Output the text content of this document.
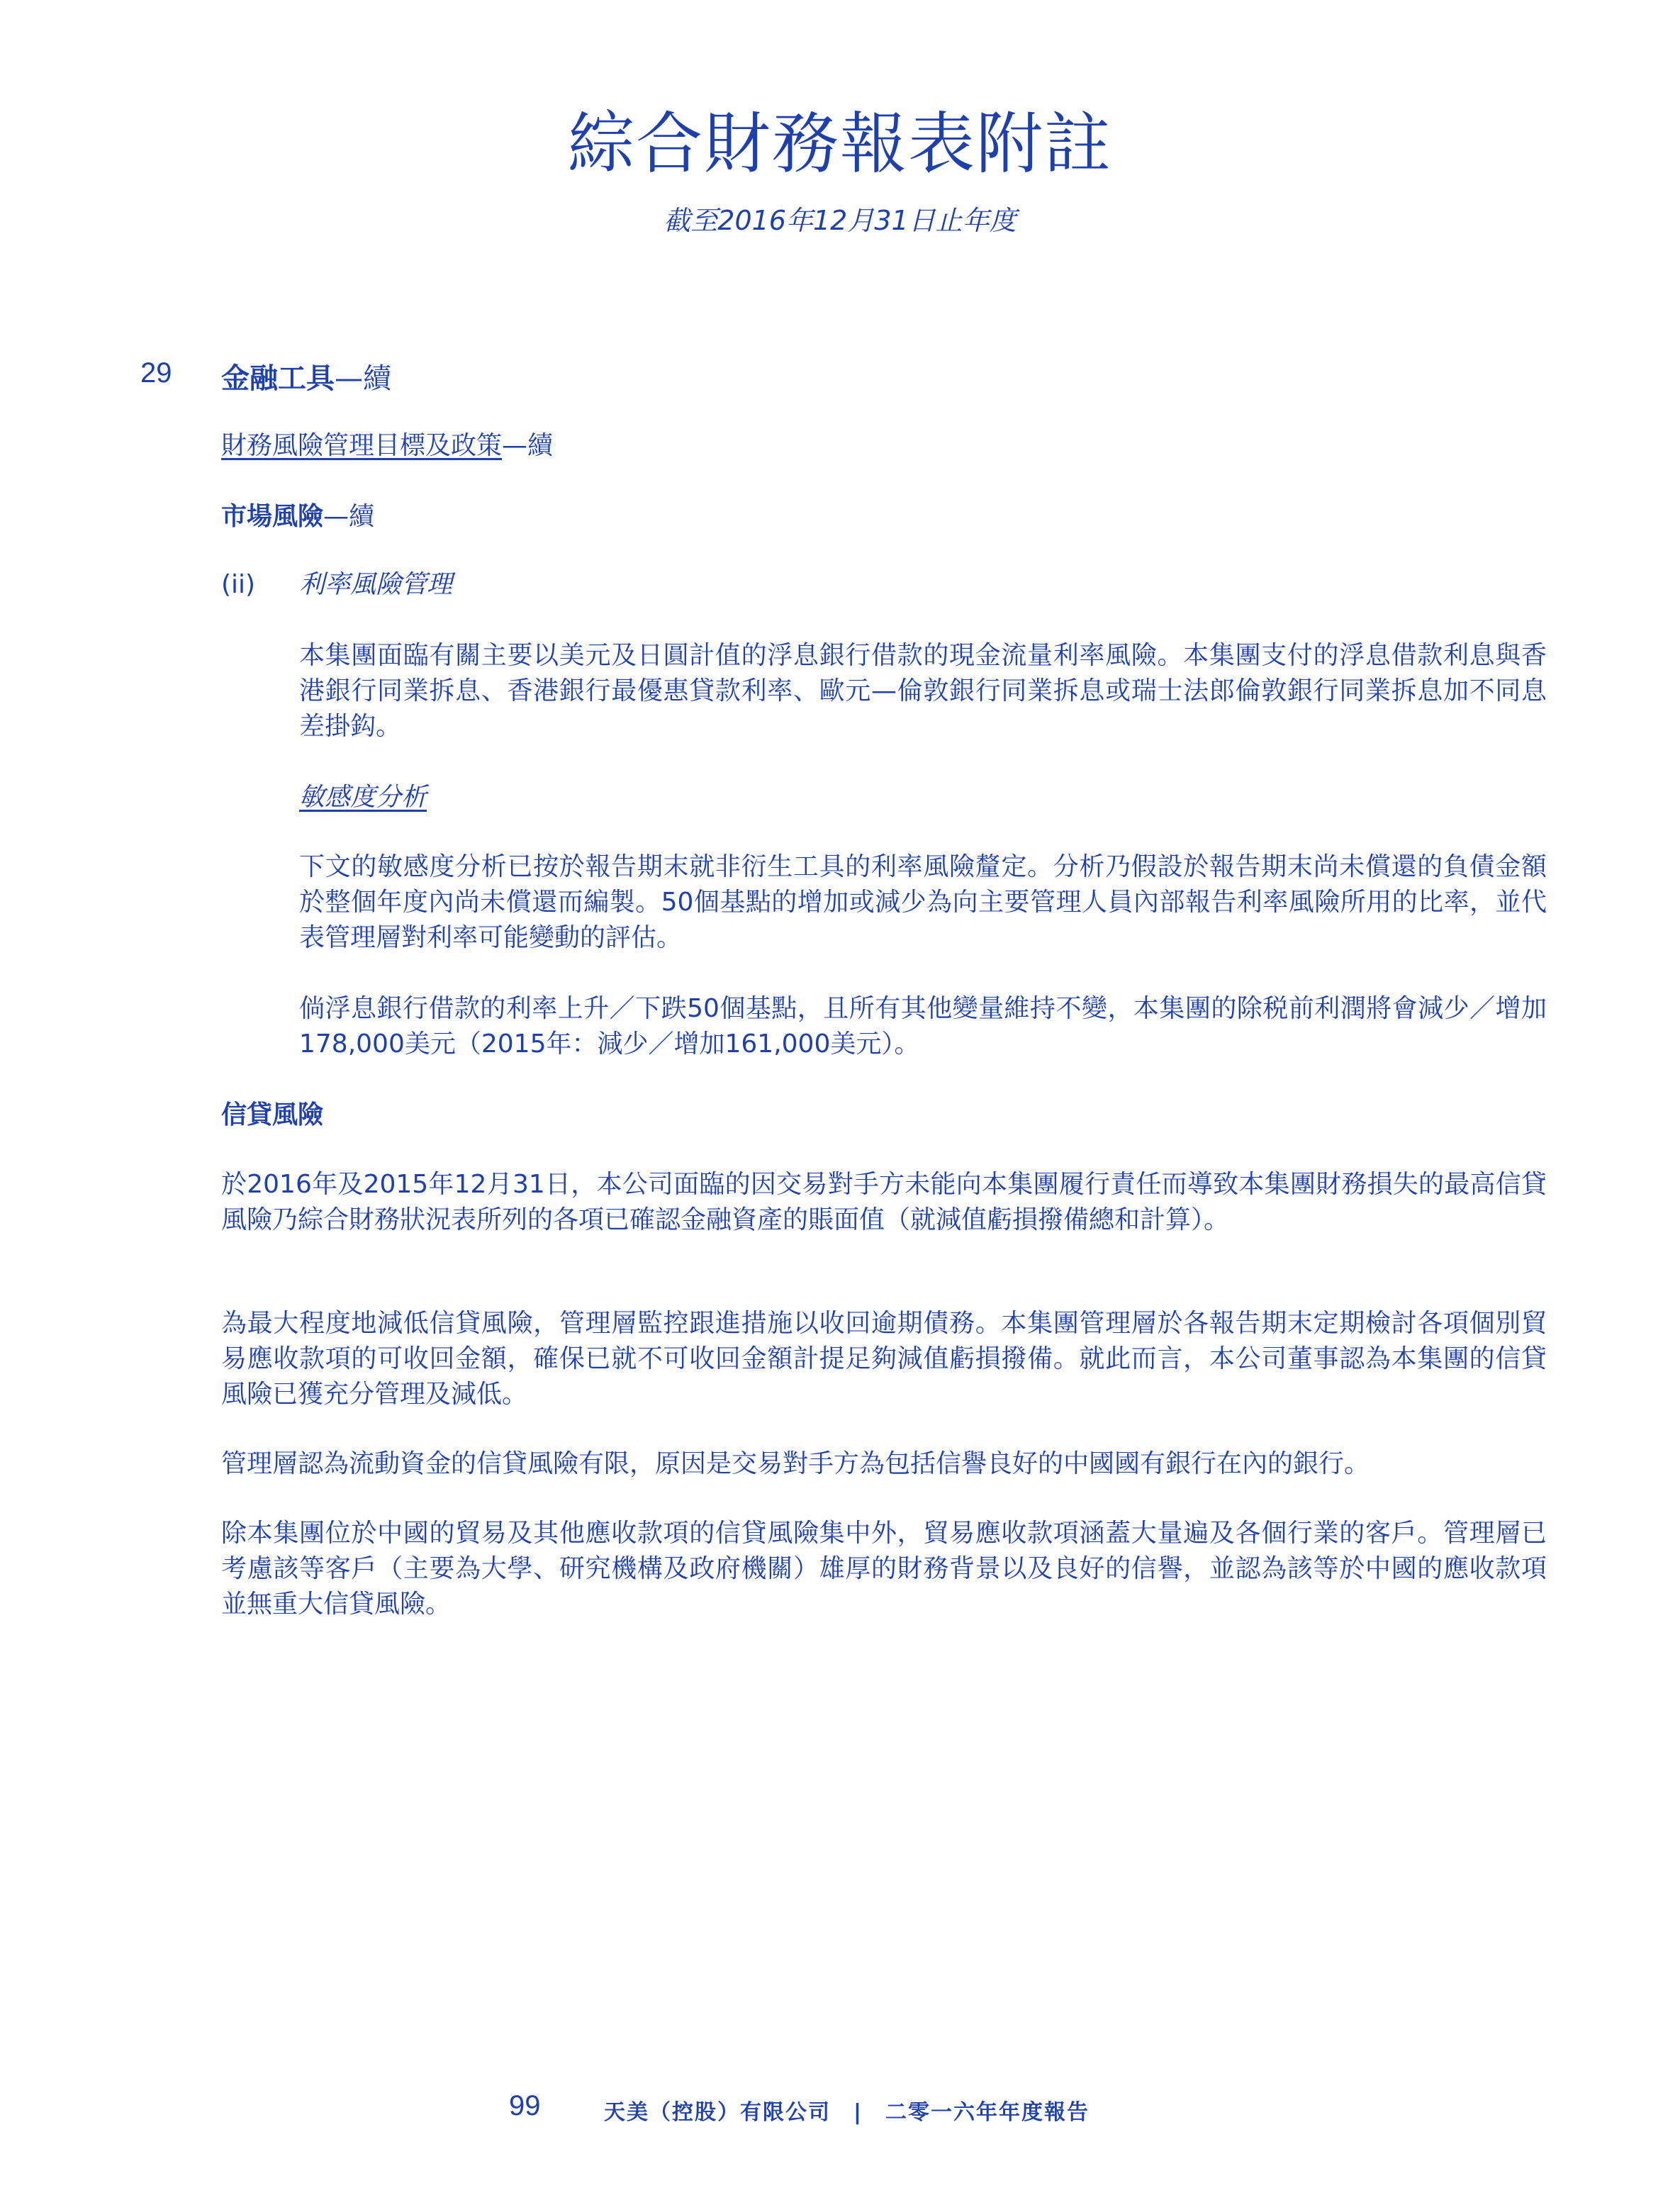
綜合財務報表附註
截至2016年12月31日止年度
29 金融工具—續
財務風險管理目標及政策—續
市場風險—續
(ii) 利率風險管理
本集團面臨有關主要以美元及日圓計值的浮息銀行借款的現金流量利率風險。本集團支付的浮息借款利息與香港銀行同業拆息、香港銀行最優惠貸款利率、歐元—倫敦銀行同業拆息或瑞士法郎倫敦銀行同業拆息加不同息差掛鈎。
敏感度分析
下文的敏感度分析已按於報告期末就非衍生工具的利率風險釐定。分析乃假設於報告期末尚未償還的負債金額於整個年度內尚未償還而編製。50個基點的增加或減少為向主要管理人員內部報告利率風險所用的比率，並代表管理層對利率可能變動的評估。
倘浮息銀行借款的利率上升／下跌50個基點，且所有其他變量維持不變，本集團的除税前利潤將會減少／增加178,000美元（2015年：減少／增加161,000美元）。
信貸風險
於2016年及2015年12月31日，本公司面臨的因交易對手方未能向本集團履行責任而導致本集團財務損失的最高信貸風險乃綜合財務狀況表所列的各項已確認金融資產的賬面值（就減值虧損撥備總和計算）。
為最大程度地減低信貸風險，管理層監控跟進措施以收回逾期債務。本集團管理層於各報告期末定期檢討各項個別貿易應收款項的可收回金額，確保已就不可收回金額計提足夠減值虧損撥備。就此而言，本公司董事認為本集團的信貸風險已獲充分管理及減低。
管理層認為流動資金的信貸風險有限，原因是交易對手方為包括信譽良好的中國國有銀行在內的銀行。
除本集團位於中國的貿易及其他應收款項的信貸風險集中外，貿易應收款項涵蓋大量遍及各個行業的客戶。管理層已考慮該等客戶（主要為大學、研究機構及政府機關）雄厚的財務背景以及良好的信譽，並認為該等於中國的應收款項並無重大信貸風險。
99	天美（控股）有限公司　|　二零一六年年度報告
